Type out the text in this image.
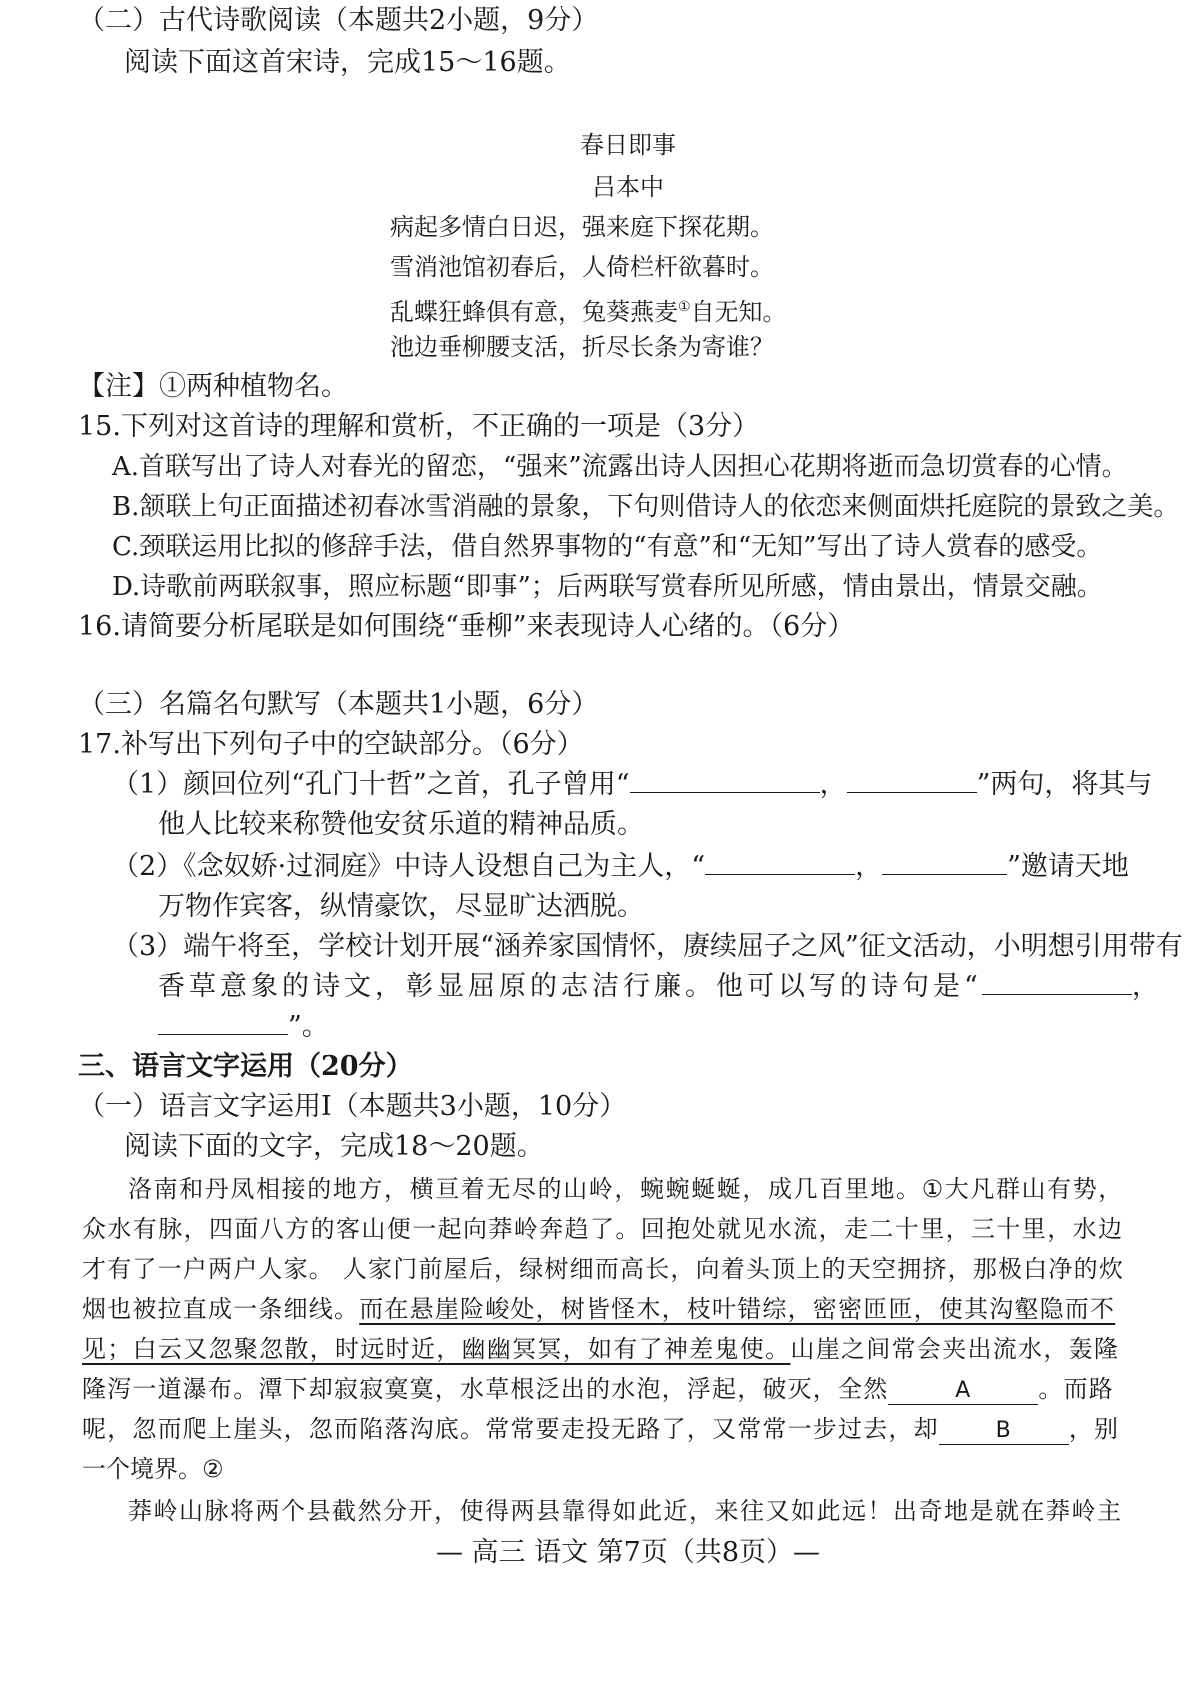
（二）古代诗歌阅读（本题共2小题，9分）
阅读下面这首宋诗，完成15～16题。
春日即事
吕本中
病起多情白日迟，强来庭下探花期。
雪消池馆初春后，人倚栏杆欲暮时。
乱蝶狂蜂俱有意，兔葵燕麦①自无知。
池边垂柳腰支活，折尽长条为寄谁？
【注】①两种植物名。
15.下列对这首诗的理解和赏析，不正确的一项是（3分）
A.首联写出了诗人对春光的留恋，“强来”流露出诗人因担心花期将逝而急切赏春的心情。
B.颔联上句正面描述初春冰雪消融的景象，下句则借诗人的依恋来侧面烘托庭院的景致之美。
C.颈联运用比拟的修辞手法，借自然界事物的“有意”和“无知”写出了诗人赏春的感受。
D.诗歌前两联叙事，照应标题“即事”；后两联写赏春所见所感，情由景出，情景交融。
16.请简要分析尾联是如何围绕“垂柳”来表现诗人心绪的。（6分）
（三）名篇名句默写（本题共1小题，6分）
17.补写出下列句子中的空缺部分。（6分）
（1）颜回位列“孔门十哲”之首，孔子曾用“	，	”两句，将其与
他人比较来称赞他安贫乐道的精神品质。
（2）《念奴娇·过洞庭》中诗人设想自己为主人，“	，	”邀请天地
万物作宾客，纵情豪饮，尽显旷达洒脱。
（3）端午将至，学校计划开展“涵养家国情怀，赓续屈子之风”征文活动，小明想引用带有
香草意象的诗文，彰显屈原的志洁行廉。他可以写的诗句是“	，
”。
三、语言文字运用（20分）
（一）语言文字运用Ⅰ（本题共3小题，10分）
阅读下面的文字，完成18～20题。
洛南和丹凤相接的地方，横亘着无尽的山岭，蜿蜿蜒蜒，成几百里地。①大凡群山有势，
众水有脉，四面八方的客山便一起向莽岭奔趋了。回抱处就见水流，走二十里，三十里，水边
才有了一户两户人家。 人家门前屋后，绿树细而高长，向着头顶上的天空拥挤，那极白净的炊
烟也被拉直成一条细线。而在悬崖险峻处，树皆怪木，枝叶错综，密密匝匝，使其沟壑隐而不
见；白云又忽聚忽散，时远时近，幽幽冥冥，如有了神差鬼使。山崖之间常会夹出流水，轰隆
隆泻一道瀑布。潭下却寂寂寞寞，水草根泛出的水泡，浮起，破灭，全然	A	。而路
呢，忽而爬上崖头，忽而陷落沟底。常常要走投无路了，又常常一步过去，却	B ，别
一个境界。②
莽岭山脉将两个县截然分开，使得两县靠得如此近，来往又如此远！出奇地是就在莽岭主
— 高三 语文 第7页（共8页）—
